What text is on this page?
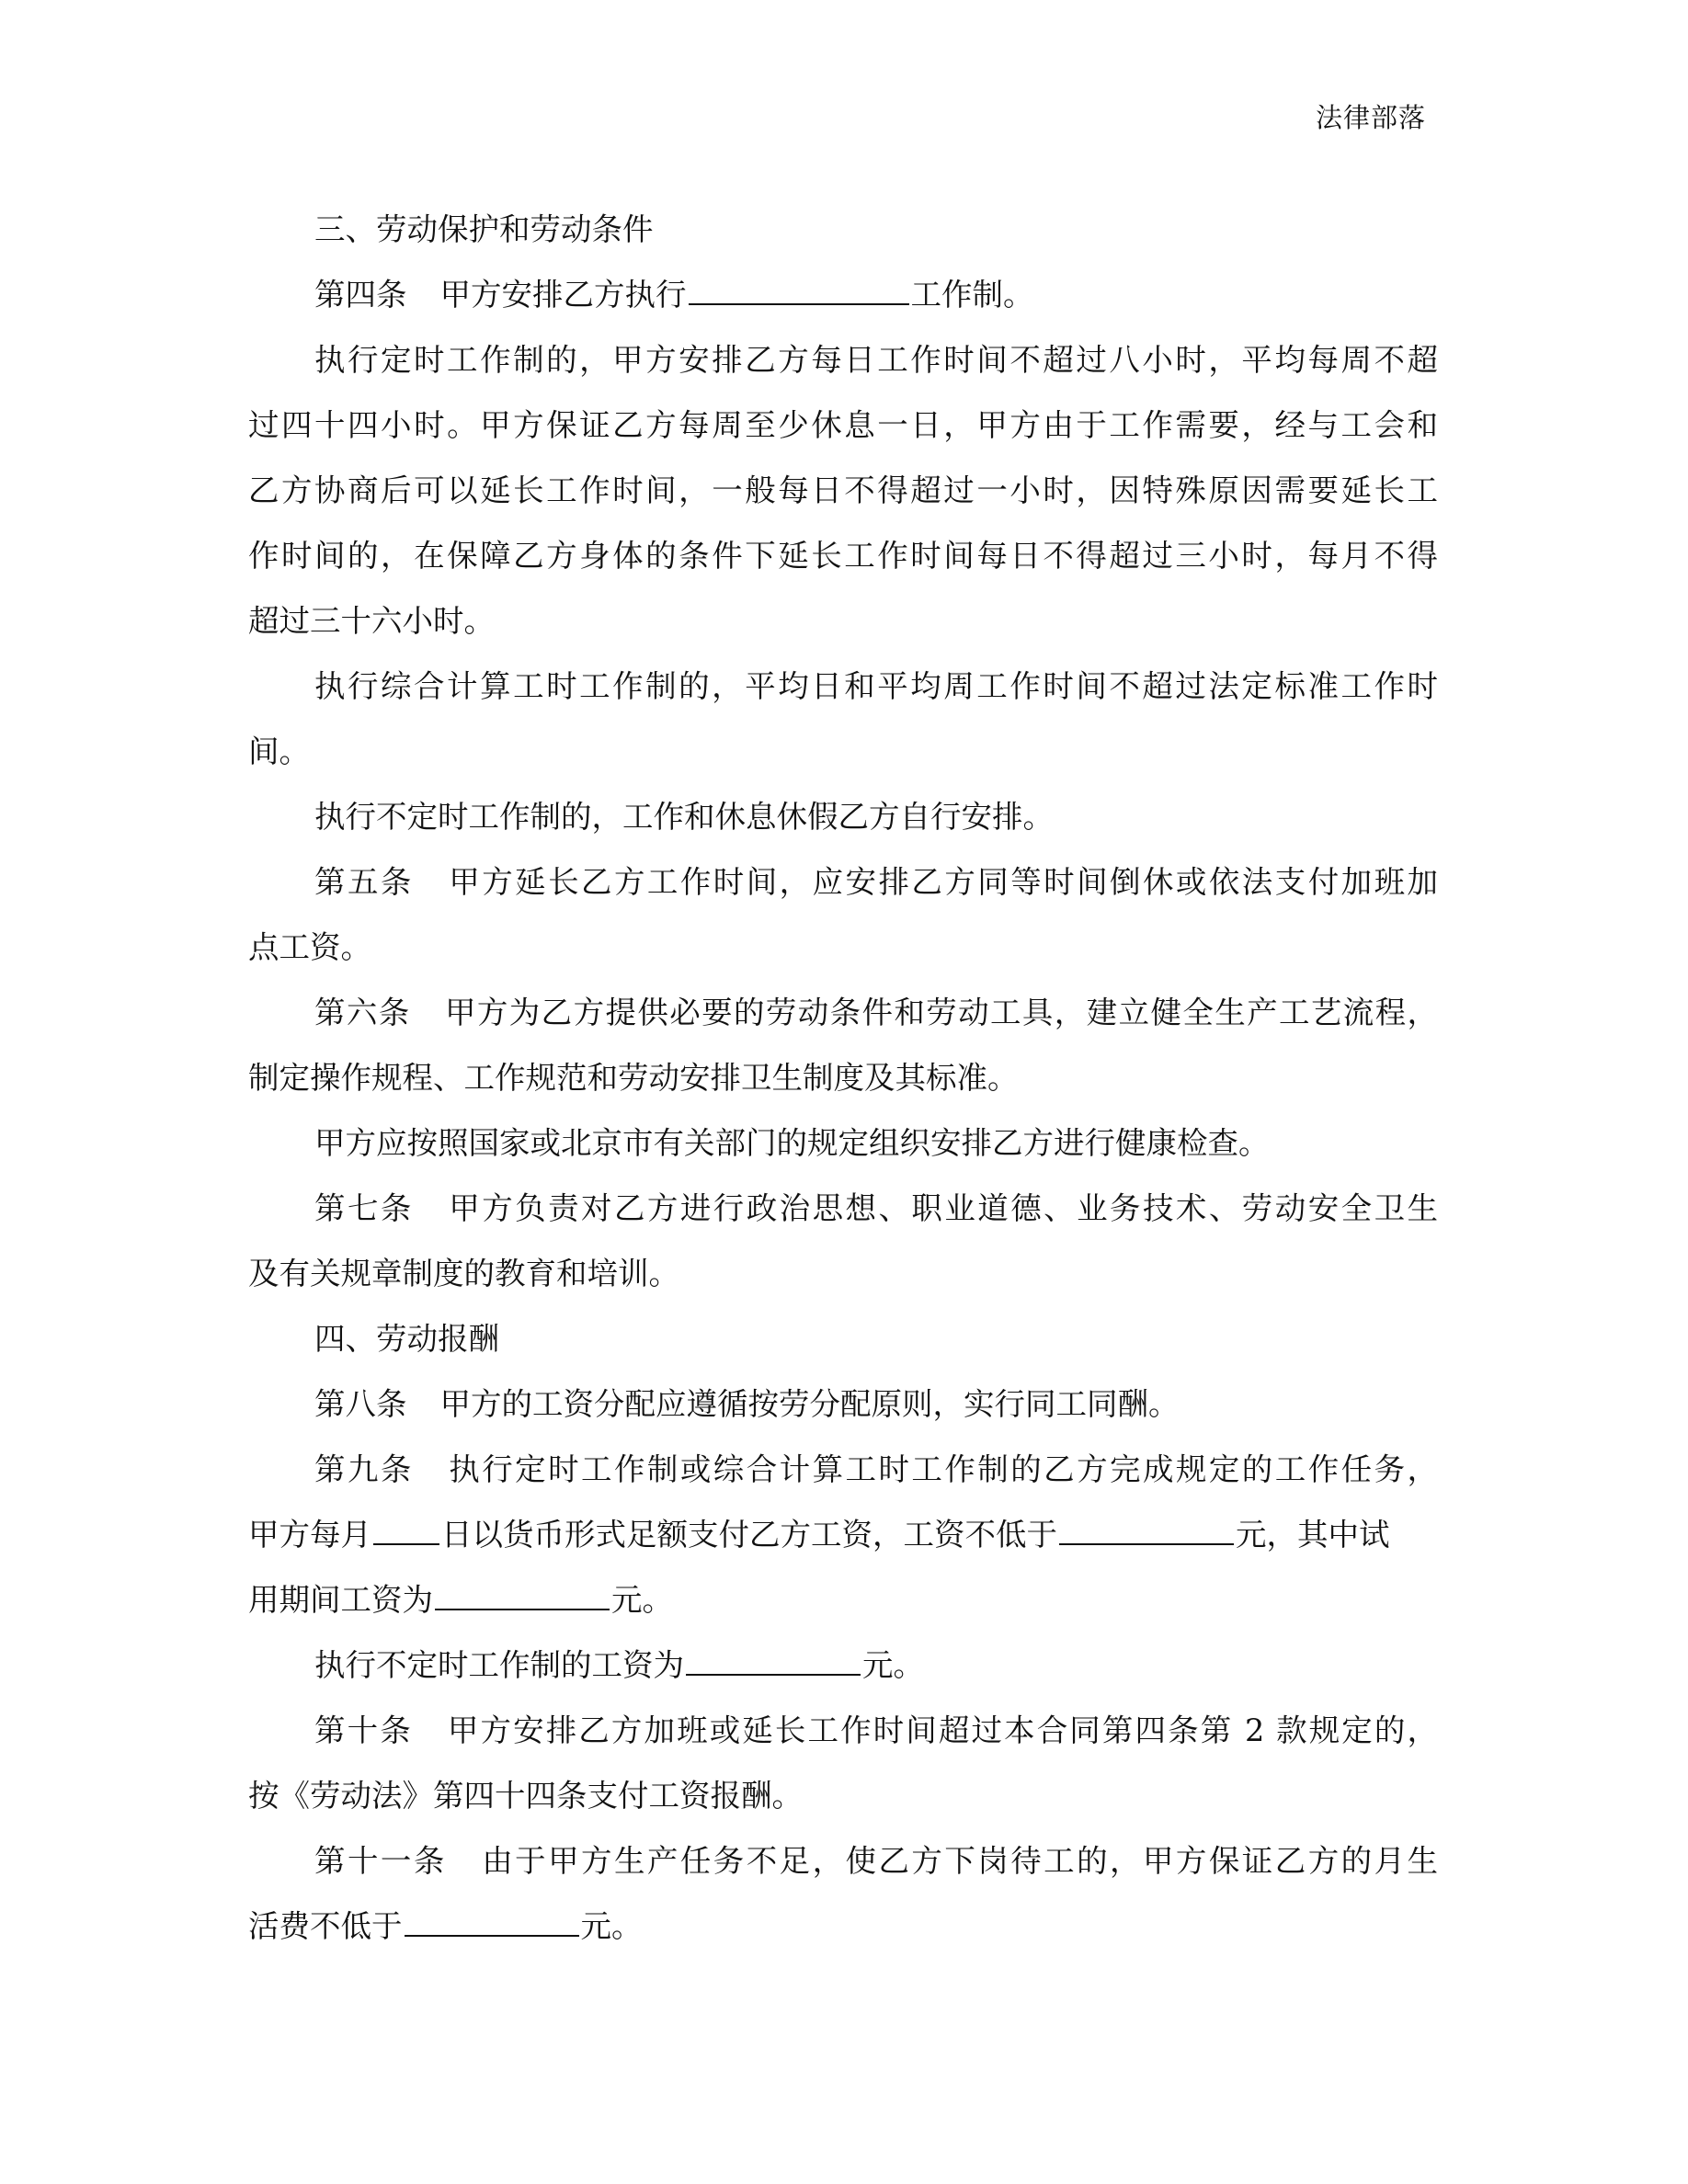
法律部落
三、劳动保护和劳动条件
第四条 甲方安排乙方执行	工作制。
执行定时工作制的，甲方安排乙方每日工作时间不超过八小时，平均每周不超
过四十四小时。甲方保证乙方每周至少休息一日，甲方由于工作需要，经与工会和
乙方协商后可以延长工作时间，一般每日不得超过一小时，因特殊原因需要延长工
作时间的，在保障乙方身体的条件下延长工作时间每日不得超过三小时，每月不得
超过三十六小时。
执行综合计算工时工作制的，平均日和平均周工作时间不超过法定标准工作时
间。
执行不定时工作制的，工作和休息休假乙方自行安排。
第五条 甲方延长乙方工作时间，应安排乙方同等时间倒休或依法支付加班加
点工资。
第六条 甲方为乙方提供必要的劳动条件和劳动工具，建立健全生产工艺流程，
制定操作规程、工作规范和劳动安排卫生制度及其标准。
甲方应按照国家或北京市有关部门的规定组织安排乙方进行健康检查。
第七条 甲方负责对乙方进行政治思想、职业道德、业务技术、劳动安全卫生
及有关规章制度的教育和培训。
四、劳动报酬
第八条 甲方的工资分配应遵循按劳分配原则，实行同工同酬。
第九条 执行定时工作制或综合计算工时工作制的乙方完成规定的工作任务，
甲方每月 日以货币形式足额支付乙方工资，工资不低于	元，其中试
用期间工资为	元。
执行不定时工作制的工资为	元。
第十条 甲方安排乙方加班或延长工作时间超过本合同第四条第 2 款规定的，
按《劳动法》第四十四条支付工资报酬。
第十一条 由于甲方生产任务不足，使乙方下岗待工的，甲方保证乙方的月生
活费不低于	元。
